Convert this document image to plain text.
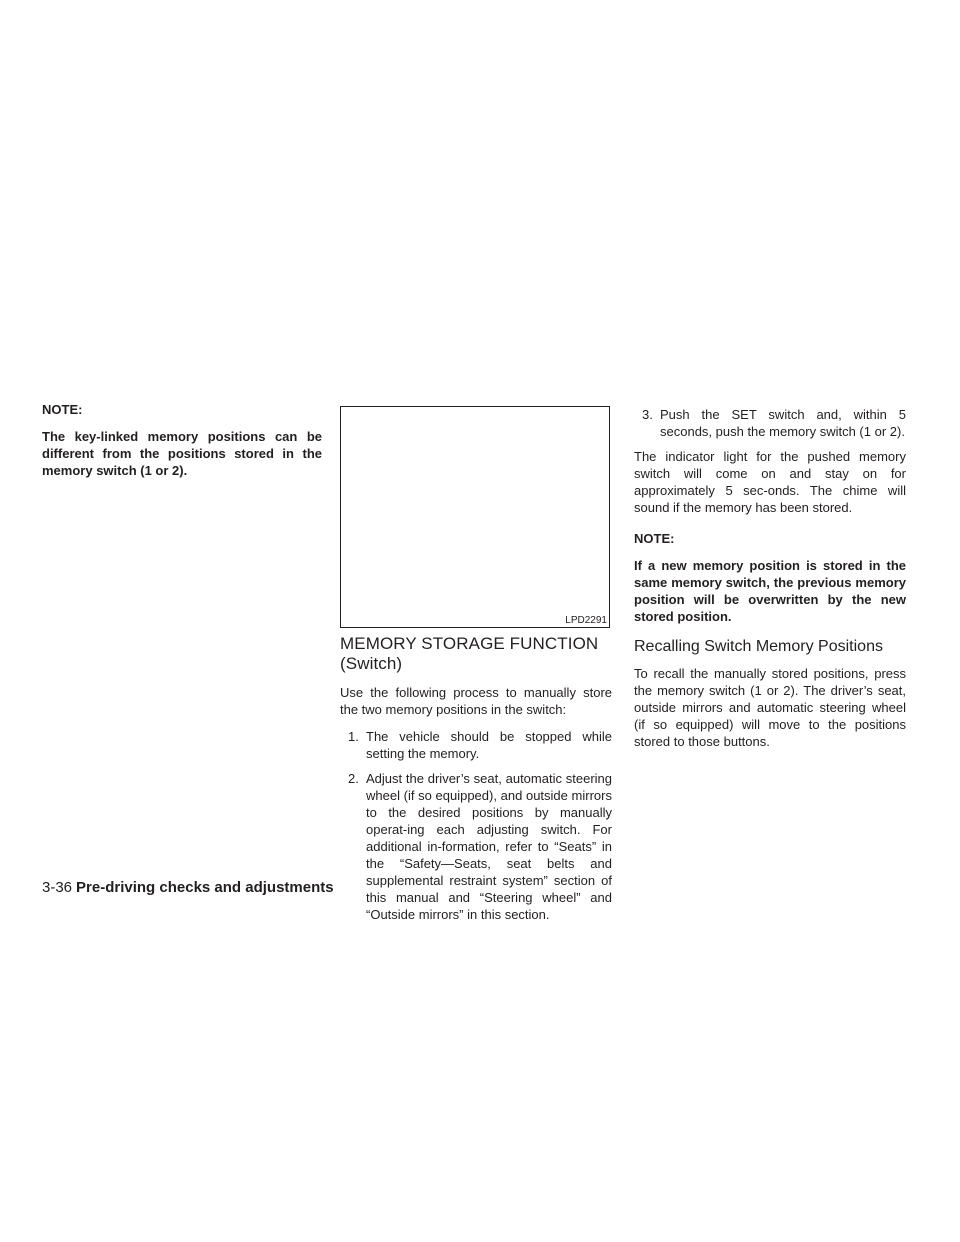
NOTE:

The key-linked memory positions can be different from the positions stored in the memory switch (1 or 2).

LPD2291
MEMORY STORAGE FUNCTION
(Switch)

Use the following process to manually store the two memory positions in the switch:

1. The vehicle should be stopped while setting the memory.
2. Adjust the driver’s seat, automatic steering wheel (if so equipped), and outside mirrors to the desired positions by manually operat-ing each adjusting switch. For additional in-formation, refer to “Seats” in the “Safety—Seats, seat belts and supplemental restraint system” section of this manual and “Steering wheel” and “Outside mirrors” in this section.
3. Push the SET switch and, within 5 seconds, push the memory switch (1 or 2).

The indicator light for the pushed memory switch will come on and stay on for approximately 5 sec-onds. The chime will sound if the memory has been stored.

NOTE:

If a new memory position is stored in the same memory switch, the previous memory position will be overwritten by the new stored position.

Recalling Switch Memory Positions

To recall the manually stored positions, press the memory switch (1 or 2). The driver’s seat, outside mirrors and automatic steering wheel (if so equipped) will move to the positions stored to those buttons.

3-36 Pre-driving checks and adjustments
